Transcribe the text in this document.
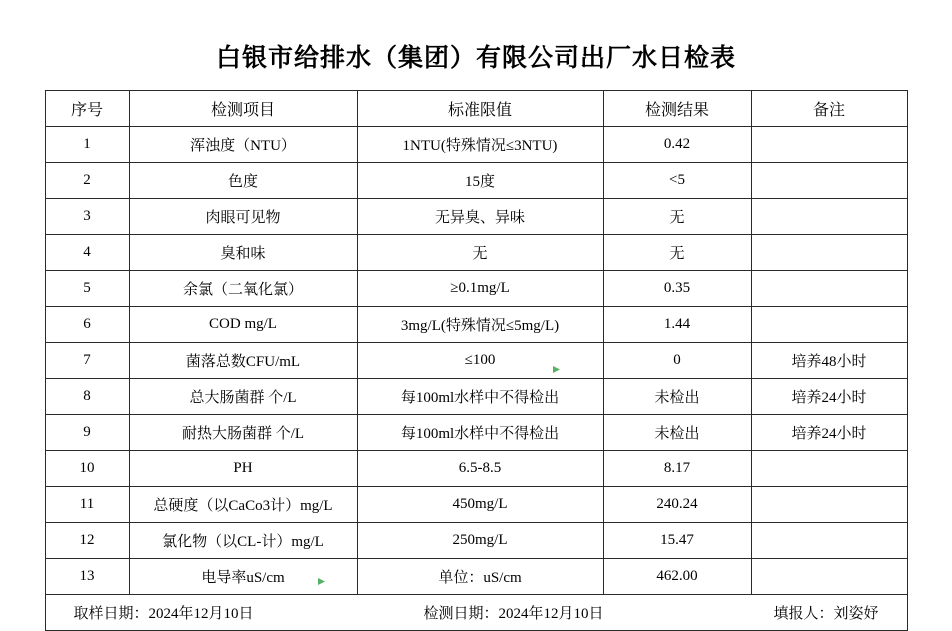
白银市给排水（集团）有限公司出厂水日检表
序号	检测项目	标准限值	检测结果	备注
1	浑浊度（NTU）	1NTU(特殊情况≤3NTU)	0.42	
2	色度	15度	<5	
3	肉眼可见物	无异臭、异味	无	
4	臭和味	无	无	
5	余氯（二氧化氯）	≥0.1mg/L	0.35	
6	COD mg/L	3mg/L(特殊情况≤5mg/L)	1.44	
7	菌落总数CFU/mL	≤100	0	培养48小时
8	总大肠菌群 个/L	每100ml水样中不得检出	未检出	培养24小时
9	耐热大肠菌群 个/L	每100ml水样中不得检出	未检出	培养24小时
10	PH	6.5-8.5	8.17	
11	总硬度（以CaCo3计）mg/L	450mg/L	240.24	
12	氯化物（以CL-计）mg/L	250mg/L	15.47	
13	电导率uS/cm	单位：uS/cm	462.00	

取样日期：2024年12月10日 检测日期：2024年12月10日 填报人：刘姿妤				
